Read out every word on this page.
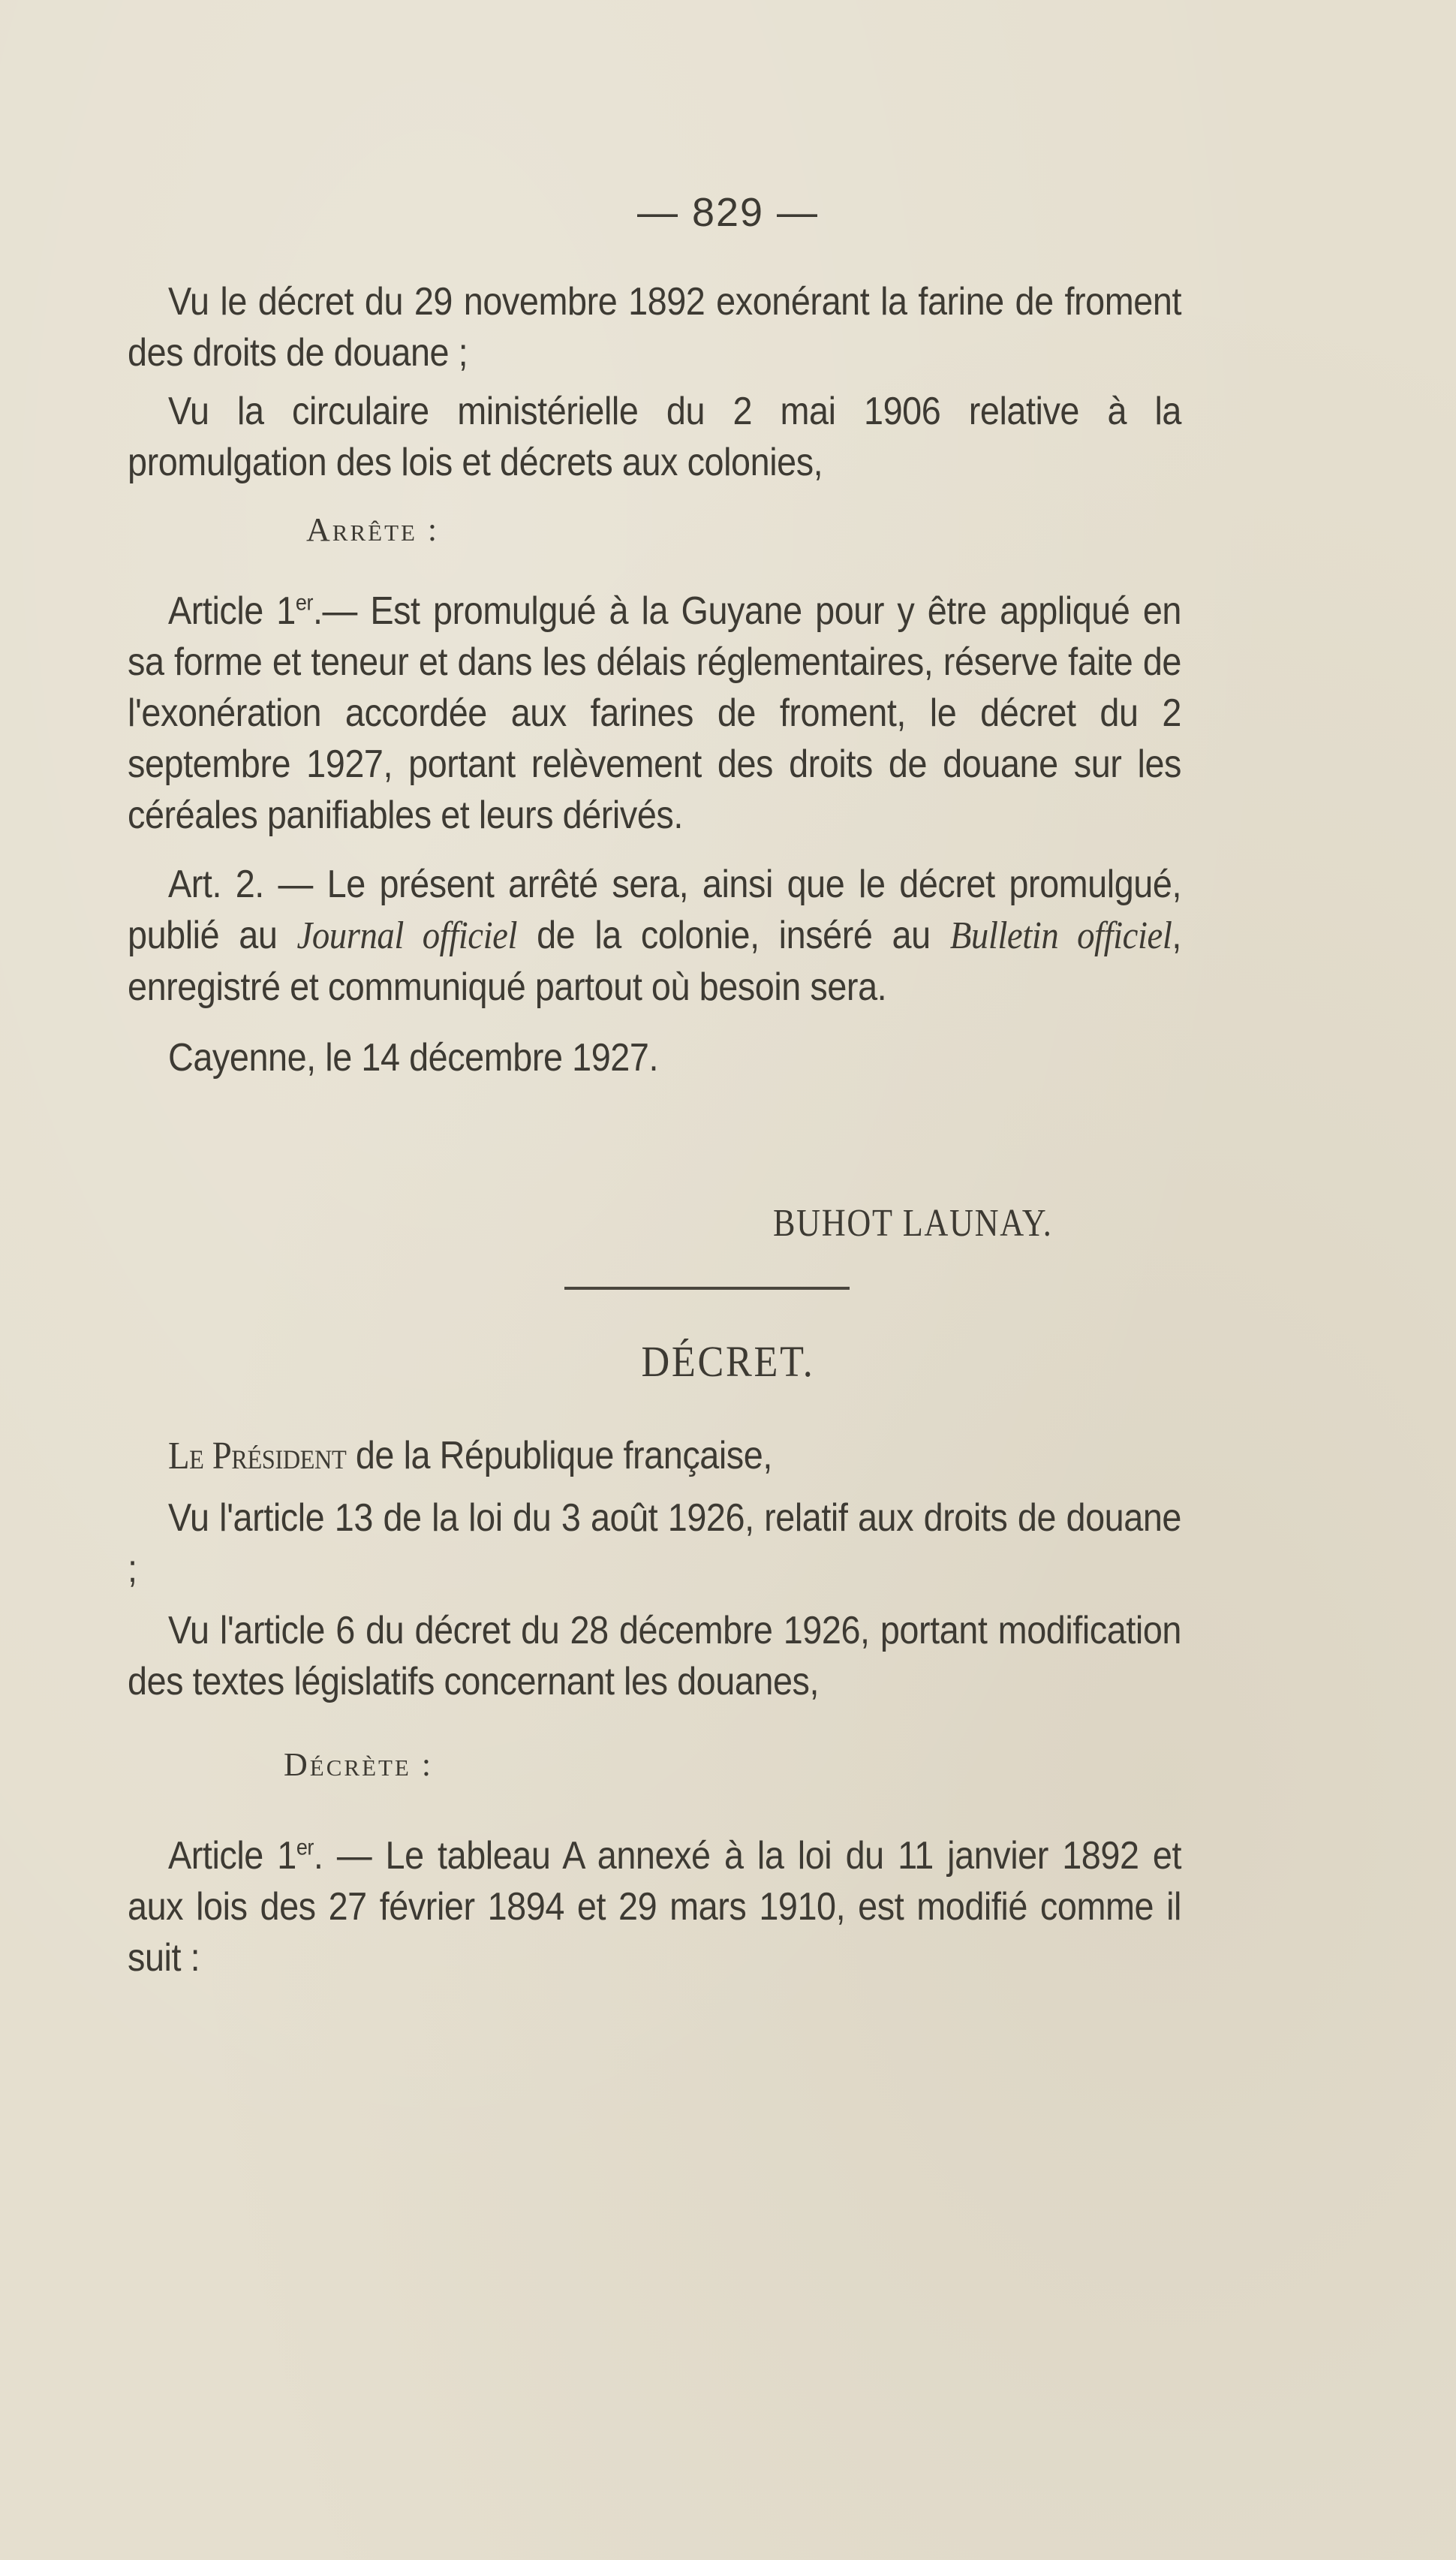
— 829 —

Vu le décret du 29 novembre 1892 exonérant la farine de froment des droits de douane ;

Vu la circulaire ministérielle du 2 mai 1906 relative à la promulgation des lois et décrets aux colonies,

Arrête :

Article 1er.— Est promulgué à la Guyane pour y être appliqué en sa forme et teneur et dans les délais réglementaires, réserve faite de l'exonération accordée aux farines de froment, le décret du 2 septembre 1927, portant relèvement des droits de douane sur les céréales panifiables et leurs dérivés.

Art. 2. — Le présent arrêté sera, ainsi que le décret promulgué, publié au Journal officiel de la colonie, inséré au Bulletin officiel, enregistré et communiqué partout où besoin sera.

Cayenne, le 14 décembre 1927.

BUHOT LAUNAY.
DÉCRET.

Le Président de la République française,

Vu l'article 13 de la loi du 3 août 1926, relatif aux droits de douane ;

Vu l'article 6 du décret du 28 décembre 1926, portant modification des textes législatifs concernant les douanes,

Décrète :

Article 1er. — Le tableau A annexé à la loi du 11 janvier 1892 et aux lois des 27 février 1894 et 29 mars 1910, est modifié comme il suit :
